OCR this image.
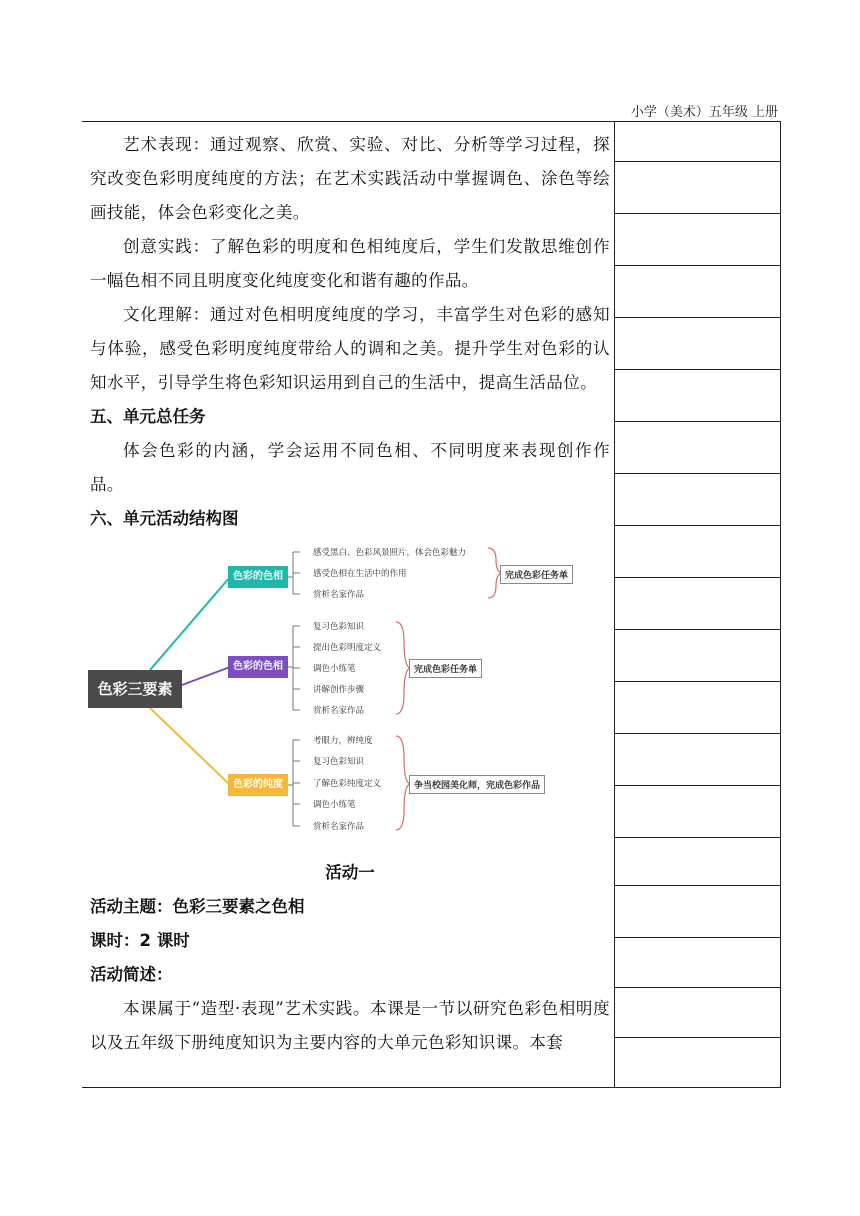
小学（美术）五年级 上册

艺术表现：通过观察、欣赏、实验、对比、分析等学习过程，探究改变色彩明度纯度的方法；在艺术实践活动中掌握调色、涂色等绘画技能，体会色彩变化之美。

创意实践：了解色彩的明度和色相纯度后，学生们发散思维创作一幅色相不同且明度变化纯度变化和谐有趣的作品。

文化理解：通过对色相明度纯度的学习，丰富学生对色彩的感知与体验，感受色彩明度纯度带给人的调和之美。提升学生对色彩的认知水平，引导学生将色彩知识运用到自己的生活中，提高生活品位。

五、单元总任务

体会色彩的内涵，学会运用不同色相、不同明度来表现创作作品。

六、单元活动结构图

色彩三要素
色彩的色相
色彩的色相
色彩的纯度
感受黑白、色彩风景照片，体会色彩魅力
感受色相在生活中的作用
赏析名家作品
完成色彩任务单
复习色彩知识
提出色彩明度定义
调色小练笔
讲解创作步骤
赏析名家作品
完成色彩任务单
考眼力，辨纯度
复习色彩知识
了解色彩纯度定义
调色小练笔
赏析名家作品
争当校园美化师，完成色彩作品

活动一

活动主题：色彩三要素之色相

课时：2 课时

活动简述：

本课属于“造型·表现”艺术实践。本课是一节以研究色彩色相明度以及五年级下册纯度知识为主要内容的大单元色彩知识课。本套
